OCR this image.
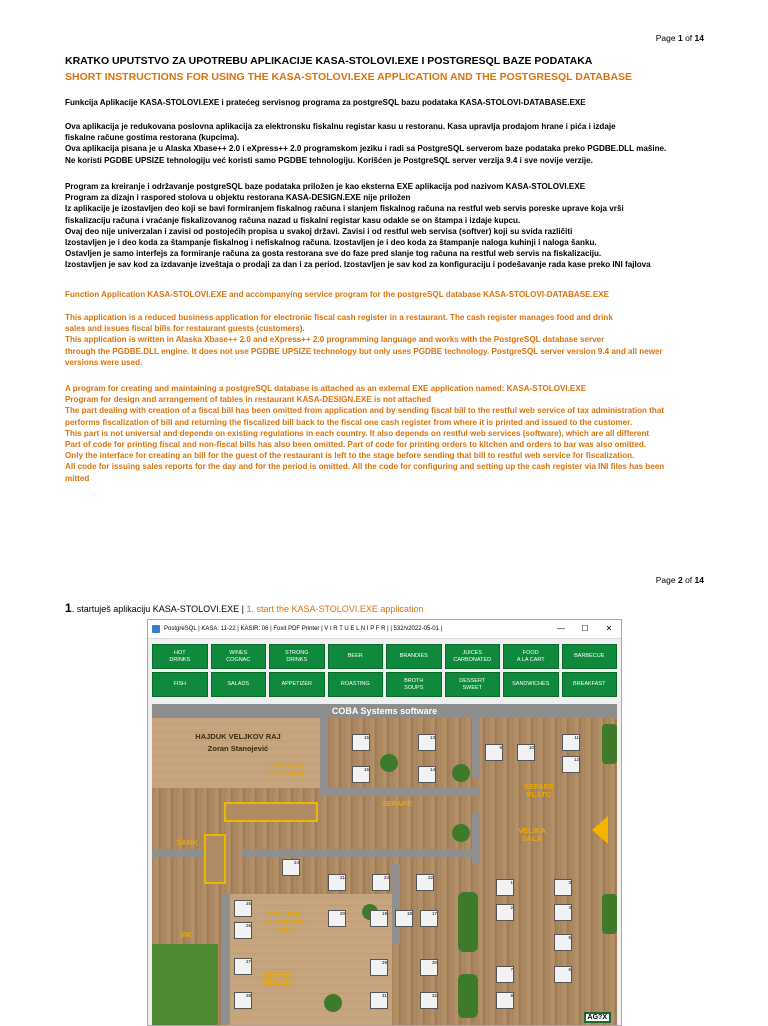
Page 1 of 14
KRATKO UPUTSTVO ZA UPOTREBU APLIKACIJE KASA-STOLOVI.EXE I POSTGRESQL BAZE PODATAKA
SHORT INSTRUCTIONS FOR USING THE KASA-STOLOVI.EXE APPLICATION AND THE POSTGRESQL DATABASE
Funkcija Aplikacije KASA-STOLOVI.EXE i pratećeg servisnog programa za postgreSQL bazu podataka KASA-STOLOVI-DATABASE.EXE
Ova aplikacija je redukovana poslovna aplikacija za elektronsku fiskalnu registar kasu u restoranu. Kasa upravlja prodajom hrane i pića i izdaje
fiskalne račune gostima restorana (kupcima).
Ova aplikacija pisana je u Alaska Xbase++ 2.0 i eXpress++ 2.0 programskom jeziku i radi sa PostgreSQL serverom baze podataka preko PGDBE.DLL mašine.
Ne koristi PGDBE UPSIZE tehnologiju već koristi samo PGDBE tehnologiju. Korišćen je PostgreSQL server verzija 9.4 i sve novije verzije.
Program za kreiranje i održavanje postgreSQL baze podataka priložen je kao eksterna EXE aplikacija pod nazivom KASA-STOLOVI.EXE
Program za dizajn i raspored stolova u objektu restorana KASA-DESIGN.EXE nije priložen
Iz aplikacije je izostavljen deo koji se bavi formiranjem fiskalnog računa i slanjem fiskalnog računa na restful web servis poreske uprave koja vrši
fiskalizaciju računa i vraćanje fiskalizovanog računa nazad u fiskalni registar kasu odakle se on štampa i izdaje kupcu.
Ovaj deo nije univerzalan i zavisi od postojećih propisa u svakoj državi. Zavisi i od restful web servisa (softver) koji su svida različiti
Izostavljen je i deo koda za štampanje fiskalnog i nefiskalnog računa. Izostavljen je i deo koda za štampanje naloga kuhinji i naloga šanku.
Ostavljen je samo interfejs za formiranje računa za gosta restorana sve do faze pred slanje tog računa na restful web servis na fiskalizaciju.
Izostavljen je sav kod za izdavanje izveštaja o prodaji za dan i za period. Izostavljen je sav kod za konfiguraciju i podešavanje rada kase preko INI fajlova
Function Application KASA-STOLOVI.EXE and accompanying service program for the postgreSQL database KASA-STOLOVI-DATABASE.EXE
This application is a reduced business application for electronic fiscal cash register in a restaurant. The cash register manages food and drink
sales and issues fiscal bills for restaurant guests (customers).
This application is written in Alaska Xbase++ 2.0 and eXpress++ 2.0 programming language and works with the PostgreSQL database server
through the PGDBE.DLL engine. It does not use PGDBE UPSIZE technology but only uses PGDBE technology. PostgreSQL server version 9.4 and all newer
versions were used.
A program for creating and maintaining a postgreSQL database is attached as an external EXE application named: KASA-STOLOVI.EXE
Program for design and arrangement of tables in restaurant KASA-DESIGN.EXE is not attached
The part dealing with creation of a fiscal bill has been omitted from application and by sending fiscal bill to the restful web service of tax administration that
performs fiscalization of bill and returning the fiscalized bill back to the fiscal one cash register from where it is printed and issued to the customer.
This part is not universal and depends on existing regulations in each country. It also depends on restful web services (software), which are all different
Part of code for printing fiscal and non-fiscal bills has also been omitted. Part of code for printing orders to kitchen and orders to bar was also omitted.
Only the interface for creating an bill for the guest of the restaurant is left to the stage before sending that bill to restful web service for fiscalization.
All code for issuing sales reports for the day and for the period is omitted. All the code for configuring and setting up the cash register via INI files has been
mitted
Page 2 of 14
1. startuješ aplikaciju KASA-STOLOVI.EXE | 1. start the KASA-STOLOVI.EXE application
PostgreSQL | KASA: 11-22 | KASIR: 06 | Foxit PDF Printer | V I R T U E L N I P F R | | 532/v2022-05-01 |	—	☐	✕
HOT
DRINKS
WINES
COGNAC
STRONG
DRINKS
BEER	BRANDIES
JUICES
CARBONATED
FOOD
A LA CART
BARBECUE
FISH	SALADS	APPETIZER	ROASTING
BROTH
SOUPS
DESSERT
SWEET
SANDWICHES	BREAKFAST
COBA Systems software
HAJDUK VELJKOV RAJ
Zoran Stanojević
KUHINJA
I OSTAVA
SEPARE
SEPARE
PLATO
VELIKA
SALA
ŠANK
WC
HAJDUK
VELJKOVA
SALA
LETNJA
TERASA
15	13
16	14
9	10
11
12
24
21	23	22
1
2
25
26
20	19	18	17
3
4
5
6
27
28
29	30
31	32
7
8
AG?X
